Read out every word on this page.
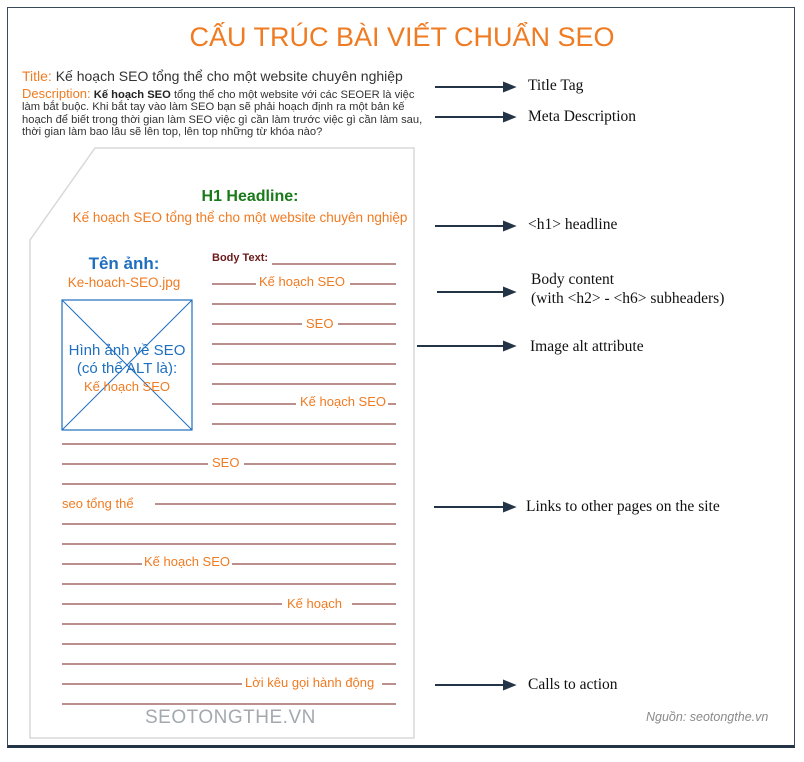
CẤU TRÚC BÀI VIẾT CHUẨN SEO
Title: Kế hoạch SEO tổng thể cho một website chuyên nghiệp
Description: Kế hoạch SEO tổng thể cho một website với các SEOER là việc làm bắt buộc. Khi bắt tay vào làm SEO bạn sẽ phải hoạch định ra một bản kế hoạch để biết trong thời gian làm SEO việc gì cần làm trước việc gì cần làm sau, thời gian làm bao lâu sẽ lên top, lên top những từ khóa nào?
H1 Headline:
Kế hoạch SEO tổng thể cho một website chuyên nghiệp
Tên ảnh:
Ke-hoach-SEO.jpg
Hình ảnh về SEO
(có thể ALT là):
Kế hoạch SEO
Body Text:
Kế hoạch SEO
SEO
Kế hoạch SEO
SEO
seo tổng thể
Kế hoạch SEO
Kế hoạch
Lời kêu gọi hành động
SEOTONGTHE.VN	Nguồn: seotongthe.vn
Title Tag
Meta Description
<h1> headline
Body content
(with <h2> - <h6> subheaders)
Image alt attribute
Links to other pages on the site
Calls to action
